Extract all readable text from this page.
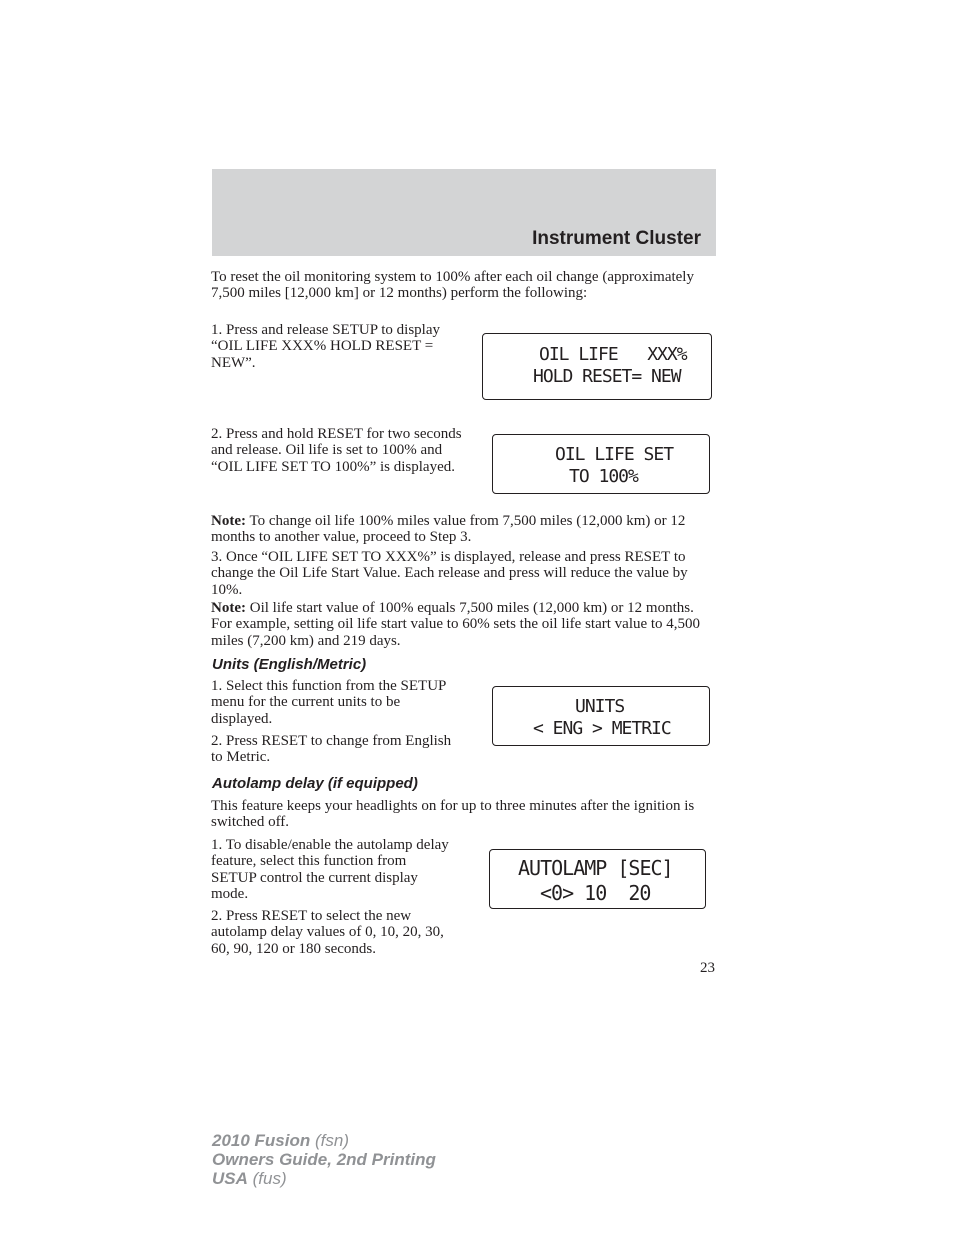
Instrument Cluster

To reset the oil monitoring system to 100% after each oil change (approximately 7,500 miles [12,000 km] or 12 months) perform the following:

1. Press and release SETUP to display “OIL LIFE XXX% HOLD RESET = NEW”.	OIL LIFE   XXX%
HOLD RESET= NEW

2. Press and hold RESET for two seconds and release. Oil life is set to 100% and “OIL LIFE SET TO 100%” is displayed.

OIL LIFE SET
TO 100%

Note: To change oil life 100% miles value from 7,500 miles (12,000 km) or 12 months to another value, proceed to Step 3.

3. Once “OIL LIFE SET TO XXX%” is displayed, release and press RESET to change the Oil Life Start Value. Each release and press will reduce the value by 10%.

Note: Oil life start value of 100% equals 7,500 miles (12,000 km) or 12 months. For example, setting oil life start value to 60% sets the oil life start value to 4,500 miles (7,200 km) and 219 days.

Units (English/Metric)

1. Select this function from the SETUP menu for the current units to be displayed.

2. Press RESET to change from English to Metric.

UNITS
< ENG > METRIC

Autolamp delay (if equipped)

This feature keeps your headlights on for up to three minutes after the ignition is switched off.

1. To disable/enable the autolamp delay feature, select this function from SETUP control the current display mode.

2. Press RESET to select the new autolamp delay values of 0, 10, 20, 30, 60, 90, 120 or 180 seconds.

AUTOLAMP [SEC]
<0> 10  20
23
2010 Fusion (fsn)
Owners Guide, 2nd Printing
USA (fus)
